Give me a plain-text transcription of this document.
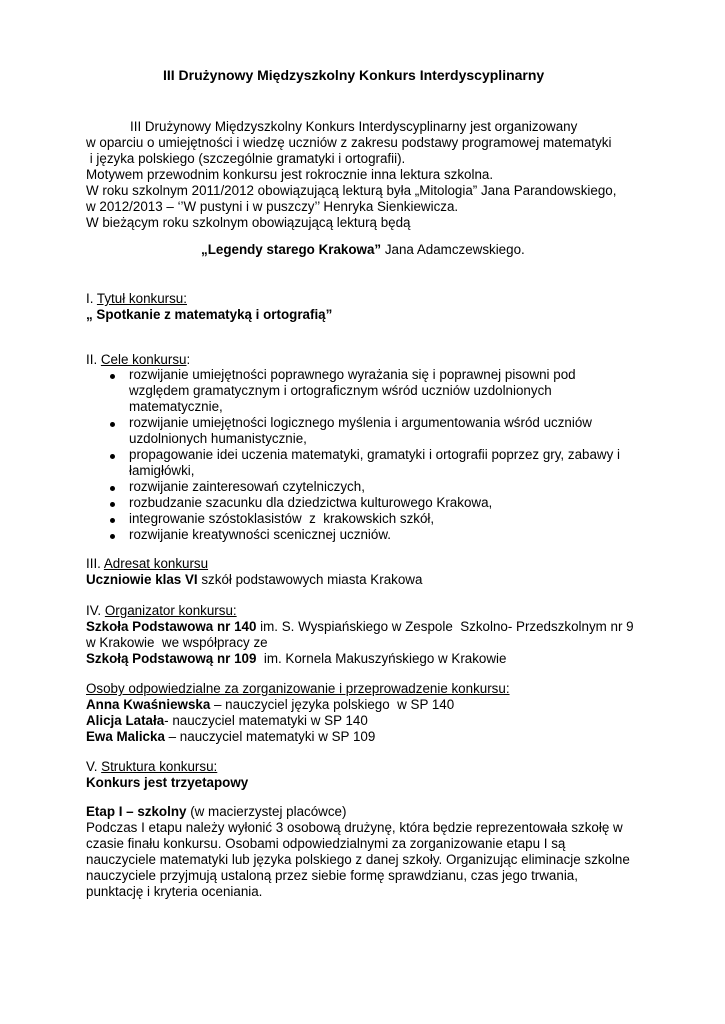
III Drużynowy Międzyszkolny Konkurs Interdyscyplinarny
III Drużynowy Międzyszkolny Konkurs Interdyscyplinarny jest organizowany
w oparciu o umiejętności i wiedzę uczniów z zakresu podstawy programowej matematyki
i języka polskiego (szczególnie gramatyki i ortografii).
Motywem przewodnim konkursu jest rokrocznie inna lektura szkolna.
W roku szkolnym 2011/2012 obowiązującą lekturą była „Mitologia” Jana Parandowskiego,
w 2012/2013 – ‘’W pustyni i w puszczy’’ Henryka Sienkiewicza.
W bieżącym roku szkolnym obowiązującą lekturą będą
„Legendy starego Krakowa” Jana Adamczewskiego.
I. Tytuł konkursu:
„ Spotkanie z matematyką i ortografią”
II. Cele konkursu:
rozwijanie umiejętności poprawnego wyrażania się i poprawnej pisowni pod
względem gramatycznym i ortograficznym wśród uczniów uzdolnionych
matematycznie,
rozwijanie umiejętności logicznego myślenia i argumentowania wśród uczniów
uzdolnionych humanistycznie,
propagowanie idei uczenia matematyki, gramatyki i ortografii poprzez gry, zabawy i
łamigłówki,
rozwijanie zainteresowań czytelniczych,
rozbudzanie szacunku dla dziedzictwa kulturowego Krakowa,
integrowanie szóstoklasistów  z  krakowskich szkół,
rozwijanie kreatywności scenicznej uczniów.
III. Adresat konkursu
Uczniowie klas VI szkół podstawowych miasta Krakowa
IV. Organizator konkursu:
Szkoła Podstawowa nr 140 im. S. Wyspiańskiego w Zespole  Szkolno- Przedszkolnym nr 9
w Krakowie  we współpracy ze
Szkołą Podstawową nr 109  im. Kornela Makuszyńskiego w Krakowie
Osoby odpowiedzialne za zorganizowanie i przeprowadzenie konkursu:
Anna Kwaśniewska – nauczyciel języka polskiego  w SP 140
Alicja Latała- nauczyciel matematyki w SP 140
Ewa Malicka – nauczyciel matematyki w SP 109
V. Struktura konkursu:
Konkurs jest trzyetapowy
Etap I – szkolny (w macierzystej placówce)
Podczas I etapu należy wyłonić 3 osobową drużynę, która będzie reprezentowała szkołę w
czasie finału konkursu. Osobami odpowiedzialnymi za zorganizowanie etapu I są
nauczyciele matematyki lub języka polskiego z danej szkoły. Organizując eliminacje szkolne
nauczyciele przyjmują ustaloną przez siebie formę sprawdzianu, czas jego trwania,
punktację i kryteria oceniania.
